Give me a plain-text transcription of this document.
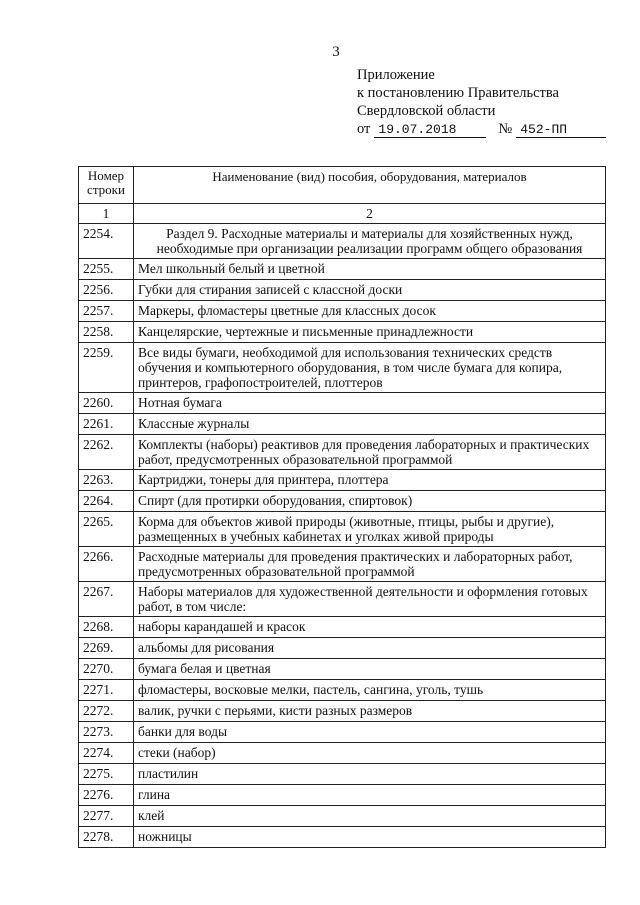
3
Приложение
к постановлению Правительства
Свердловской области
от 19.07.2018	№ 452-ПП
Номер строки	Наименование (вид) пособия, оборудования, материалов
1	2
2254.	Раздел 9. Расходные материалы и материалы для хозяйственных нужд, необходимые при организации реализации программ общего образования
2255.	Мел школьный белый и цветной
2256.	Губки для стирания записей с классной доски
2257.	Маркеры, фломастеры цветные для классных досок
2258.	Канцелярские, чертежные и письменные принадлежности
2259.	Все виды бумаги, необходимой для использования технических средств обучения и компьютерного оборудования, в том числе бумага для копира, принтеров, графопостроителей, плоттеров
2260.	Нотная бумага
2261.	Классные журналы
2262.	Комплекты (наборы) реактивов для проведения лабораторных и практических работ, предусмотренных образовательной программой
2263.	Картриджи, тонеры для принтера, плоттера
2264.	Спирт (для протирки оборудования, спиртовок)
2265.	Корма для объектов живой природы (животные, птицы, рыбы и другие), размещенных в учебных кабинетах и уголках живой природы
2266.	Расходные материалы для проведения практических и лабораторных работ, предусмотренных образовательной программой
2267.	Наборы материалов для художественной деятельности и оформления готовых работ, в том числе:
2268.	наборы карандашей и красок
2269.	альбомы для рисования
2270.	бумага белая и цветная
2271.	фломастеры, восковые мелки, пастель, сангина, уголь, тушь
2272.	валик, ручки с перьями, кисти разных размеров
2273.	банки для воды
2274.	стеки (набор)
2275.	пластилин
2276.	глина
2277.	клей
2278.	ножницы
